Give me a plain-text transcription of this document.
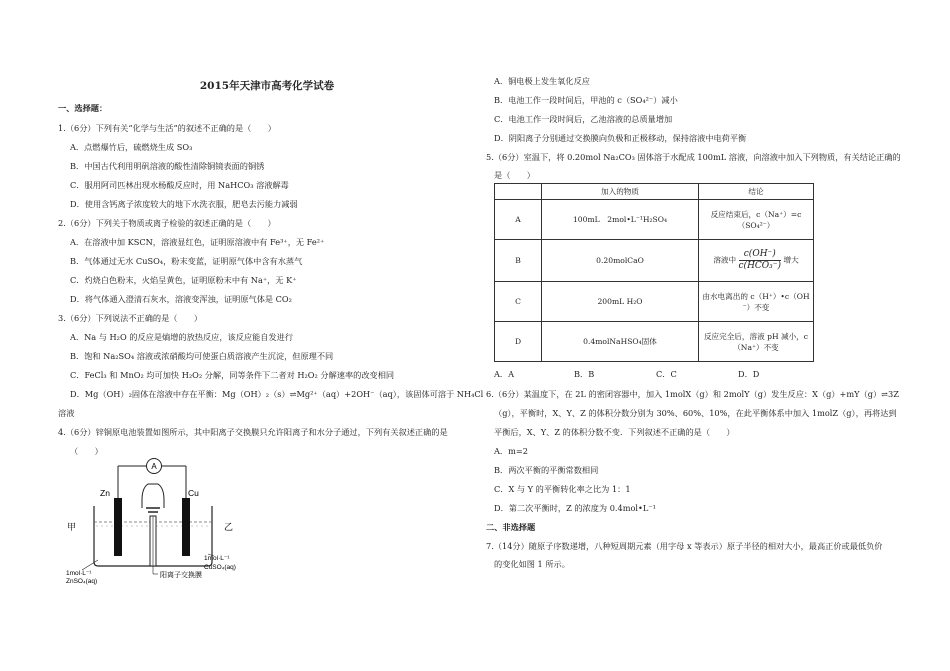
2015年天津市高考化学试卷
一、选择题：
1.（6分）下列有关“化学与生活”的叙述不正确的是（　　）
A．点燃爆竹后，硫燃烧生成 SO₃
B．中国古代利用明矾溶液的酸性清除铜镜表面的铜锈
C．服用阿司匹林出现水杨酸反应时，用 NaHCO₃ 溶液解毒
D．使用含钙离子浓度较大的地下水洗衣服，肥皂去污能力减弱
2.（6分）下列关于物质或离子检验的叙述正确的是（　　）
A．在溶液中加 KSCN，溶液显红色，证明原溶液中有 Fe³⁺，无 Fe²⁺
B．气体通过无水 CuSO₄，粉末变蓝，证明原气体中含有水蒸气
C．灼烧白色粉末，火焰呈黄色，证明原粉末中有 Na⁺，无 K⁺
D．将气体通入澄清石灰水，溶液变浑浊，证明原气体是 CO₂
3.（6分）下列说法不正确的是（　　）
A．Na 与 H₂O 的反应是熵增的放热反应，该反应能自发进行
B．饱和 Na₂SO₄ 溶液或浓硝酸均可使蛋白质溶液产生沉淀，但原理不同
C．FeCl₃ 和 MnO₂ 均可加快 H₂O₂ 分解，同等条件下二者对 H₂O₂ 分解速率的改变相同
D．Mg（OH）₂固体在溶液中存在平衡：Mg（OH）₂（s）⇌Mg²⁺（aq）+2OH⁻（aq），该固体可溶于 NH₄Cl
溶液
4.（6分）锌铜原电池装置如图所示，其中阳离子交换膜只允许阳离子和水分子通过，下列有关叙述正确的是
（　　）
A
Zn	Cu
甲	乙
1mol·L⁻¹
ZnSO₄(aq)
1mol·L⁻¹
CuSO₄(aq)
阳离子交换膜
A．铜电极上发生氧化反应
B．电池工作一段时间后，甲池的 c（SO₄²⁻）减小
C．电池工作一段时间后，乙池溶液的总质量增加
D．阴阳离子分别通过交换膜向负极和正极移动，保持溶液中电荷平衡
5.（6分）室温下，将 0.20mol Na₂CO₃ 固体溶于水配成 100mL 溶液，向溶液中加入下列物质，有关结论正确的
是（　　）
	加入的物质	结论
A	100mL　2mol•L⁻¹H₂SO₄	反应结束后，c（Na⁺）=c
（SO₄²⁻）

B	0.20molCaO	溶液中 $\frac{c(OH^-)}{\text{c(HCO₃⁻)}}$ 增大
C	200mL H₂O	由水电离出的 c（H⁺）•c（OH
⁻）不变

D	0.4molNaHSO₄固体	反应完全后，溶液 pH 减小，c
（Na⁺）不变
A．A	B．B	C．C	D．D
6.（6分）某温度下，在 2L 的密闭容器中，加入 1molX（g）和 2molY（g）发生反应：X（g）+mY（g）⇌3Z
（g），平衡时，X、Y、Z 的体积分数分别为 30%、60%、10%，在此平衡体系中加入 1molZ（g），再将达到
平衡后，X、Y、Z 的体积分数不变．下列叙述不正确的是（　　）
A．m=2
B．两次平衡的平衡常数相同
C．X 与 Y 的平衡转化率之比为 1：1
D．第二次平衡时，Z 的浓度为 0.4mol•L⁻¹
二、非选择题
7.（14分）随原子序数递增，八种短周期元素（用字母 x 等表示）原子半径的相对大小，最高正价或最低负价
的变化如图 1 所示。
